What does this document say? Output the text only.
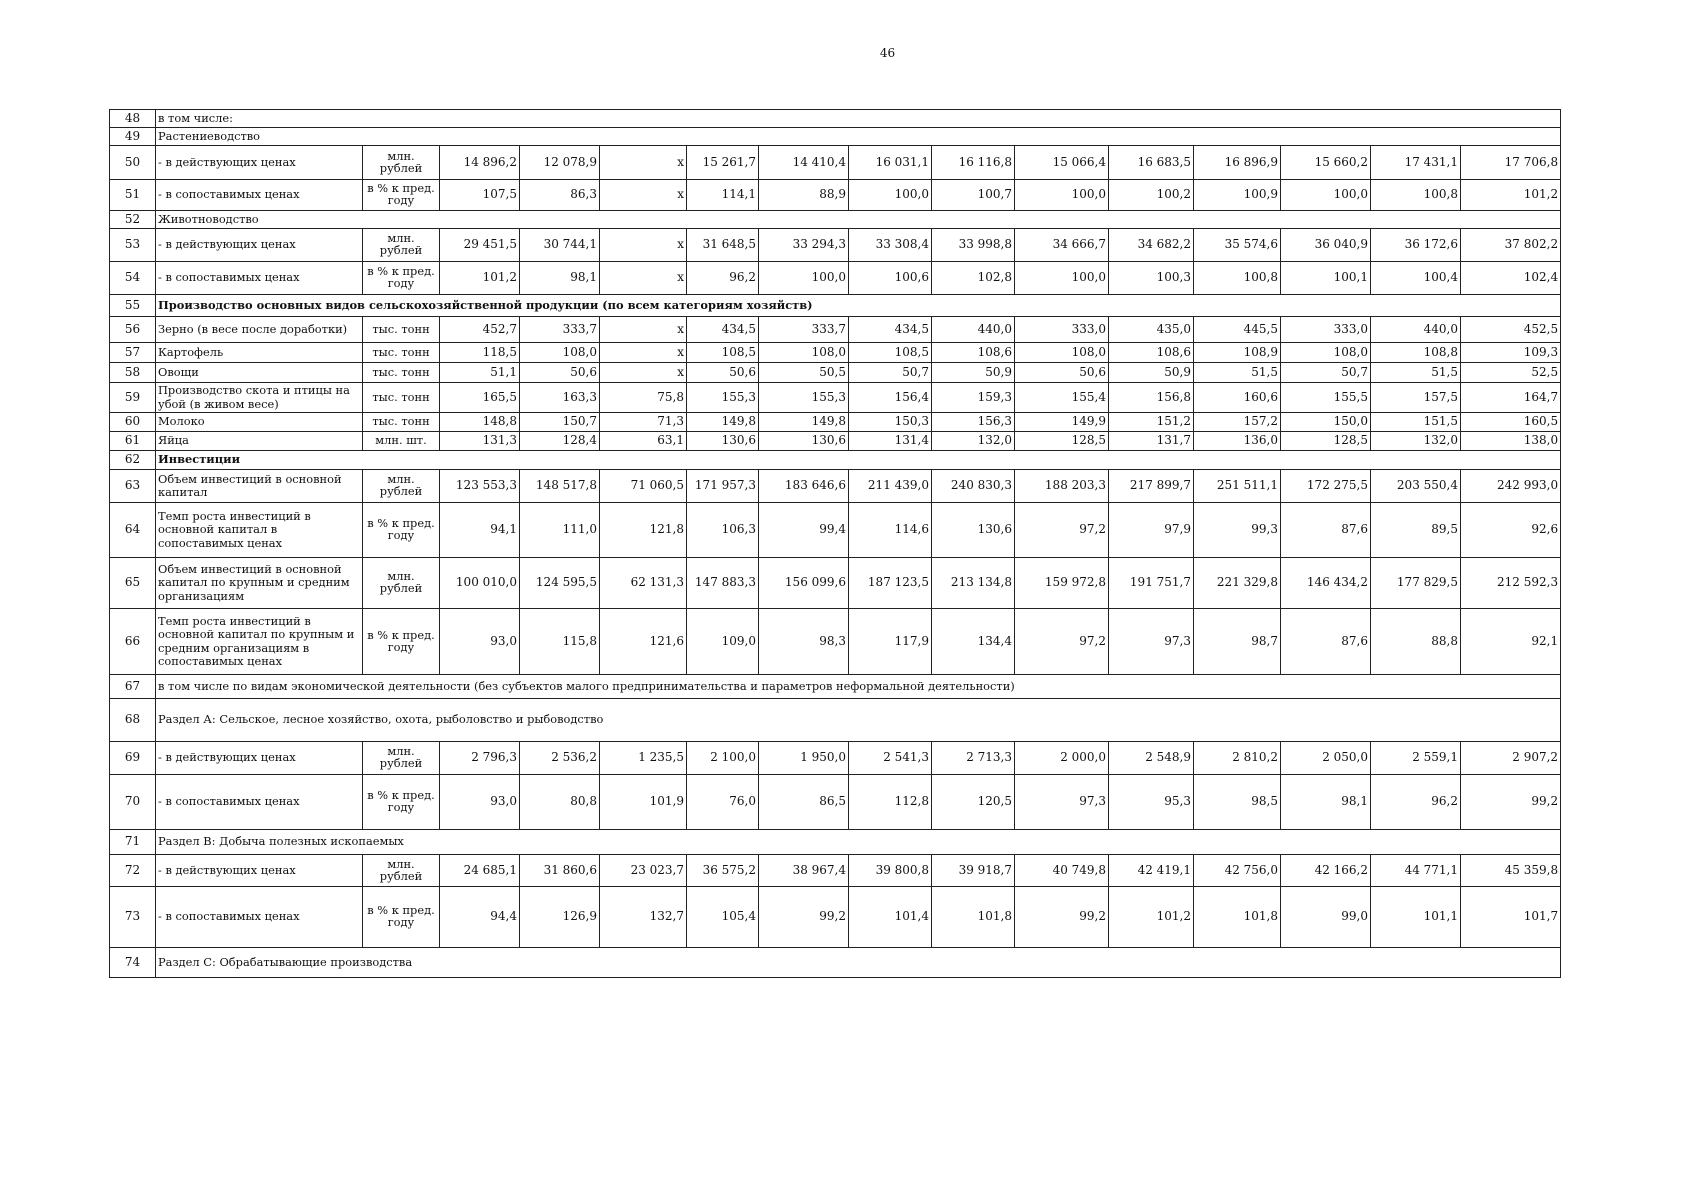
46
48	в том числе:														
49	Растениеводство														
50	- в действующих ценах	млн. рублей	14 896,2	12 078,9	x	15 261,7	14 410,4	16 031,1	16 116,8	15 066,4	16 683,5	16 896,9	15 660,2	17 431,1	17 706,8
51	- в сопоставимых ценах	в % к пред. году	107,5	86,3	x	114,1	88,9	100,0	100,7	100,0	100,2	100,9	100,0	100,8	101,2
52	Животноводство														
53	- в действующих ценах	млн. рублей	29 451,5	30 744,1	x	31 648,5	33 294,3	33 308,4	33 998,8	34 666,7	34 682,2	35 574,6	36 040,9	36 172,6	37 802,2
54	- в сопоставимых ценах	в % к пред. году	101,2	98,1	x	96,2	100,0	100,6	102,8	100,0	100,3	100,8	100,1	100,4	102,4
55	Производство основных видов сельскохозяйственной продукции (по всем категориям хозяйств)														
56	Зерно (в весе после доработки)	тыс. тонн	452,7	333,7	x	434,5	333,7	434,5	440,0	333,0	435,0	445,5	333,0	440,0	452,5
57	Картофель	тыс. тонн	118,5	108,0	x	108,5	108,0	108,5	108,6	108,0	108,6	108,9	108,0	108,8	109,3
58	Овощи	тыс. тонн	51,1	50,6	x	50,6	50,5	50,7	50,9	50,6	50,9	51,5	50,7	51,5	52,5
59	Производство скота и птицы на убой (в живом весе)	тыс. тонн	165,5	163,3	75,8	155,3	155,3	156,4	159,3	155,4	156,8	160,6	155,5	157,5	164,7
60	Молоко	тыс. тонн	148,8	150,7	71,3	149,8	149,8	150,3	156,3	149,9	151,2	157,2	150,0	151,5	160,5
61	Яйца	млн. шт.	131,3	128,4	63,1	130,6	130,6	131,4	132,0	128,5	131,7	136,0	128,5	132,0	138,0
62	Инвестиции														
63	Объем инвестиций в основной капитал	млн. рублей	123 553,3	148 517,8	71 060,5	171 957,3	183 646,6	211 439,0	240 830,3	188 203,3	217 899,7	251 511,1	172 275,5	203 550,4	242 993,0
64	Темп роста инвестиций в основной капитал в сопоставимых ценах	в % к пред. году	94,1	111,0	121,8	106,3	99,4	114,6	130,6	97,2	97,9	99,3	87,6	89,5	92,6
65	Объем инвестиций в основной капитал по крупным и средним организациям	млн. рублей	100 010,0	124 595,5	62 131,3	147 883,3	156 099,6	187 123,5	213 134,8	159 972,8	191 751,7	221 329,8	146 434,2	177 829,5	212 592,3
66	Темп роста инвестиций в основной капитал по крупным и средним организациям в сопоставимых ценах	в % к пред. году	93,0	115,8	121,6	109,0	98,3	117,9	134,4	97,2	97,3	98,7	87,6	88,8	92,1
67	в том числе по видам экономической деятельности (без субъектов малого предпринимательства и параметров неформальной деятельности)														
68	Раздел А: Сельское, лесное хозяйство, охота, рыболовство и рыбоводство														
69	- в действующих ценах	млн. рублей	2 796,3	2 536,2	1 235,5	2 100,0	1 950,0	2 541,3	2 713,3	2 000,0	2 548,9	2 810,2	2 050,0	2 559,1	2 907,2
70	- в сопоставимых ценах	в % к пред. году	93,0	80,8	101,9	76,0	86,5	112,8	120,5	97,3	95,3	98,5	98,1	96,2	99,2
71	Раздел B: Добыча полезных ископаемых														
72	- в действующих ценах	млн. рублей	24 685,1	31 860,6	23 023,7	36 575,2	38 967,4	39 800,8	39 918,7	40 749,8	42 419,1	42 756,0	42 166,2	44 771,1	45 359,8
73	- в сопоставимых ценах	в % к пред. году	94,4	126,9	132,7	105,4	99,2	101,4	101,8	99,2	101,2	101,8	99,0	101,1	101,7
74	Раздел C: Обрабатывающие производства														
